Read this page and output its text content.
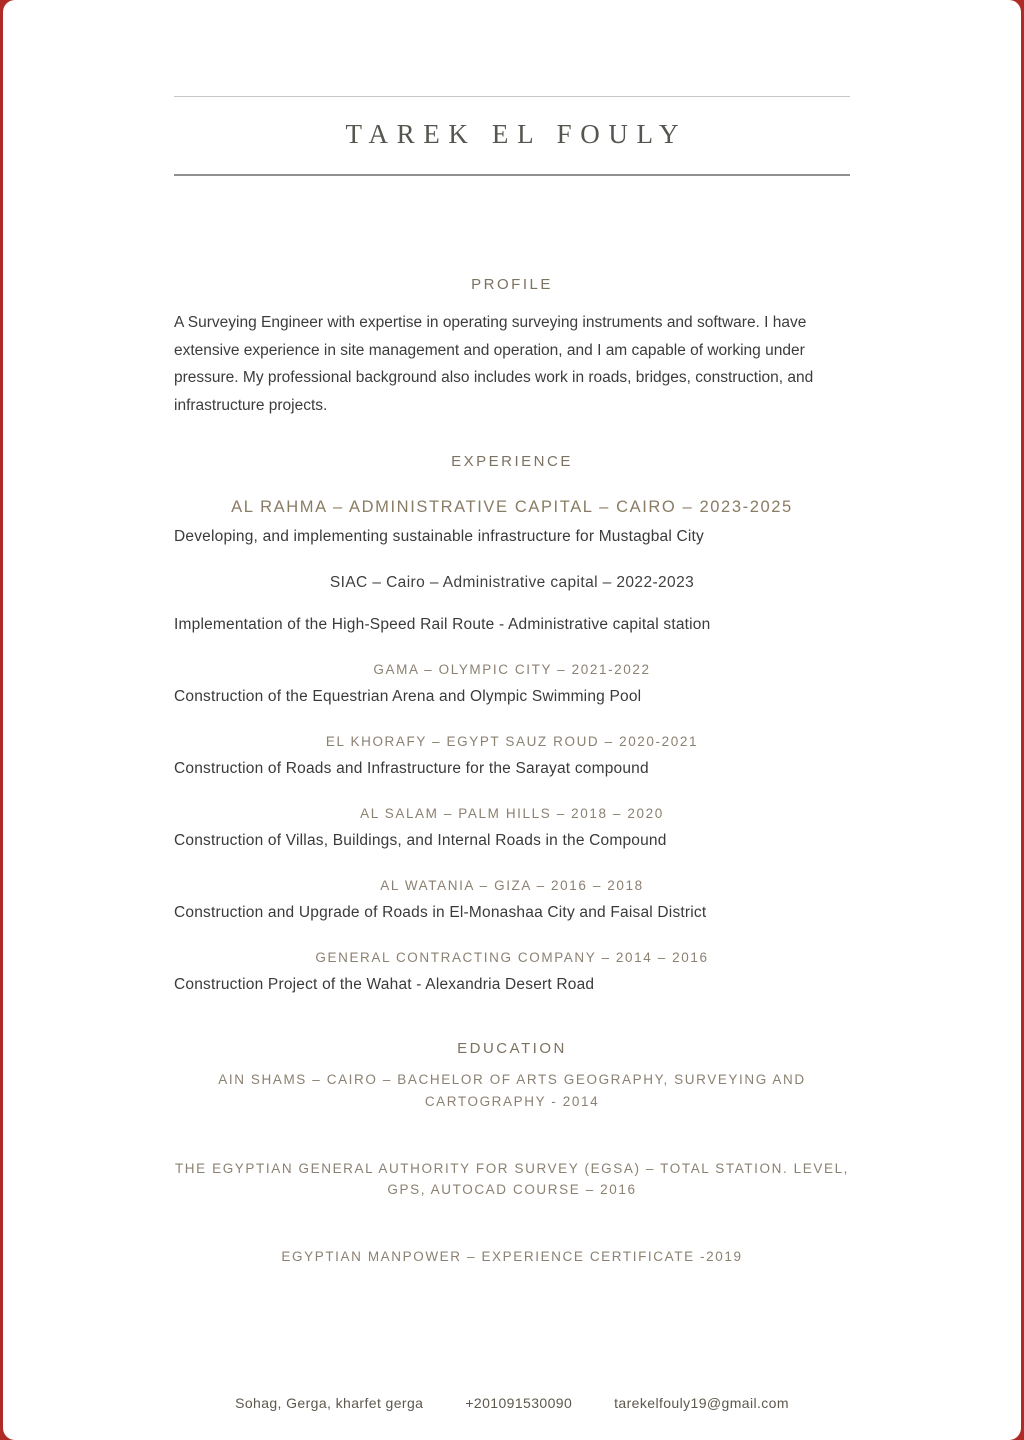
TAREK EL FOULY
PROFILE

A Surveying Engineer with expertise in operating surveying instruments and software. I have extensive experience in site management and operation, and I am capable of working under pressure. My professional background also includes work in roads, bridges, construction, and infrastructure projects.

EXPERIENCE
AL RAHMA – ADMINISTRATIVE CAPITAL – CAIRO – 2023-2025
Developing, and implementing sustainable infrastructure for Mustagbal City
SIAC – Cairo – Administrative capital – 2022-2023
Implementation of the High-Speed Rail Route - Administrative capital station
GAMA – OLYMPIC CITY – 2021-2022
Construction of the Equestrian Arena and Olympic Swimming Pool
EL KHORAFY – EGYPT SAUZ ROUD – 2020-2021
Construction of Roads and Infrastructure for the Sarayat compound
AL SALAM – PALM HILLS – 2018 – 2020
Construction of Villas, Buildings, and Internal Roads in the Compound
AL WATANIA – GIZA – 2016 – 2018
Construction and Upgrade of Roads in El-Monashaa City and Faisal District
GENERAL CONTRACTING COMPANY – 2014 – 2016
Construction Project of the Wahat - Alexandria Desert Road
EDUCATION
AIN SHAMS – CAIRO – BACHELOR OF ARTS GEOGRAPHY, SURVEYING AND CARTOGRAPHY - 2014
THE EGYPTIAN GENERAL AUTHORITY FOR SURVEY (EGSA) – TOTAL STATION. LEVEL, GPS, AUTOCAD COURSE – 2016
EGYPTIAN MANPOWER – EXPERIENCE CERTIFICATE -2019
Sohag, Gerga, kharfet gerga	+201091530090	tarekelfouly19@gmail.com
